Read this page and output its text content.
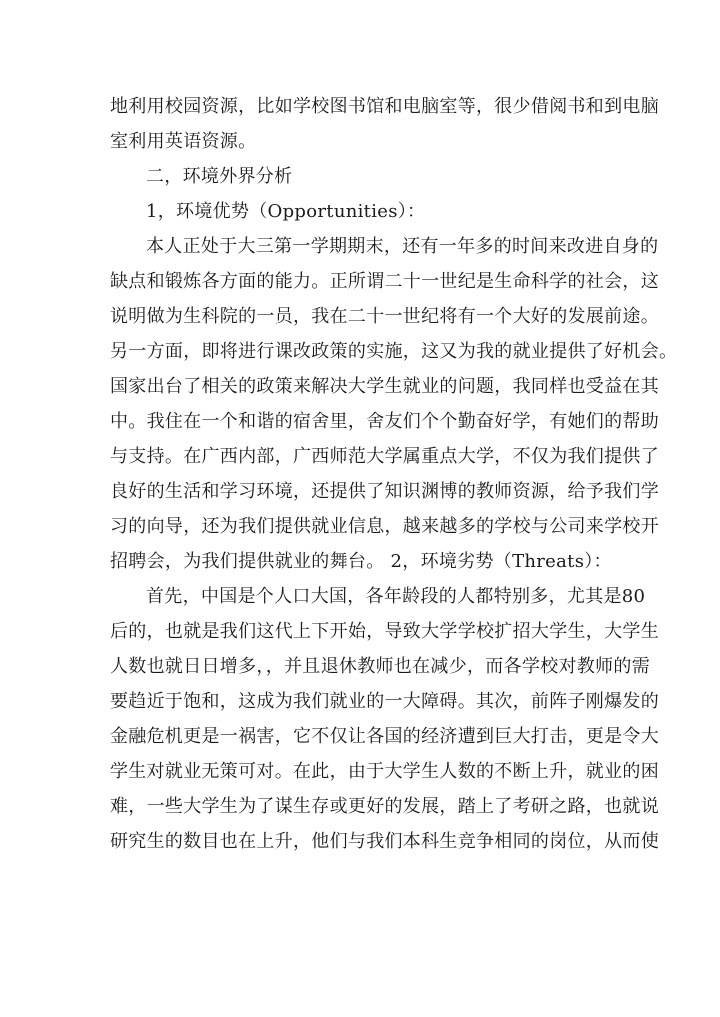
地利用校园资源，比如学校图书馆和电脑室等，很少借阅书和到电脑
室利用英语资源。
二，环境外界分析
1，环境优势（Opportunities）：
本人正处于大三第一学期期末，还有一年多的时间来改进自身的
缺点和锻炼各方面的能力。正所谓二十一世纪是生命科学的社会，这
说明做为生科院的一员，我在二十一世纪将有一个大好的发展前途。
另一方面，即将进行课改政策的实施，这又为我的就业提供了好机会。
国家出台了相关的政策来解决大学生就业的问题，我同样也受益在其
中。我住在一个和谐的宿舍里，舍友们个个勤奋好学，有她们的帮助
与支持。在广西内部，广西师范大学属重点大学，不仅为我们提供了
良好的生活和学习环境，还提供了知识渊博的教师资源，给予我们学
习的向导，还为我们提供就业信息，越来越多的学校与公司来学校开
招聘会，为我们提供就业的舞台。 2，环境劣势（Threats）：
首先，中国是个人口大国，各年龄段的人都特别多，尤其是80
后的，也就是我们这代上下开始，导致大学学校扩招大学生，大学生
人数也就日日增多，，并且退休教师也在减少，而各学校对教师的需
要趋近于饱和，这成为我们就业的一大障碍。其次，前阵子刚爆发的
金融危机更是一祸害，它不仅让各国的经济遭到巨大打击，更是令大
学生对就业无策可对。在此，由于大学生人数的不断上升，就业的困
难，一些大学生为了谋生存或更好的发展，踏上了考研之路，也就说
研究生的数目也在上升，他们与我们本科生竞争相同的岗位，从而使
